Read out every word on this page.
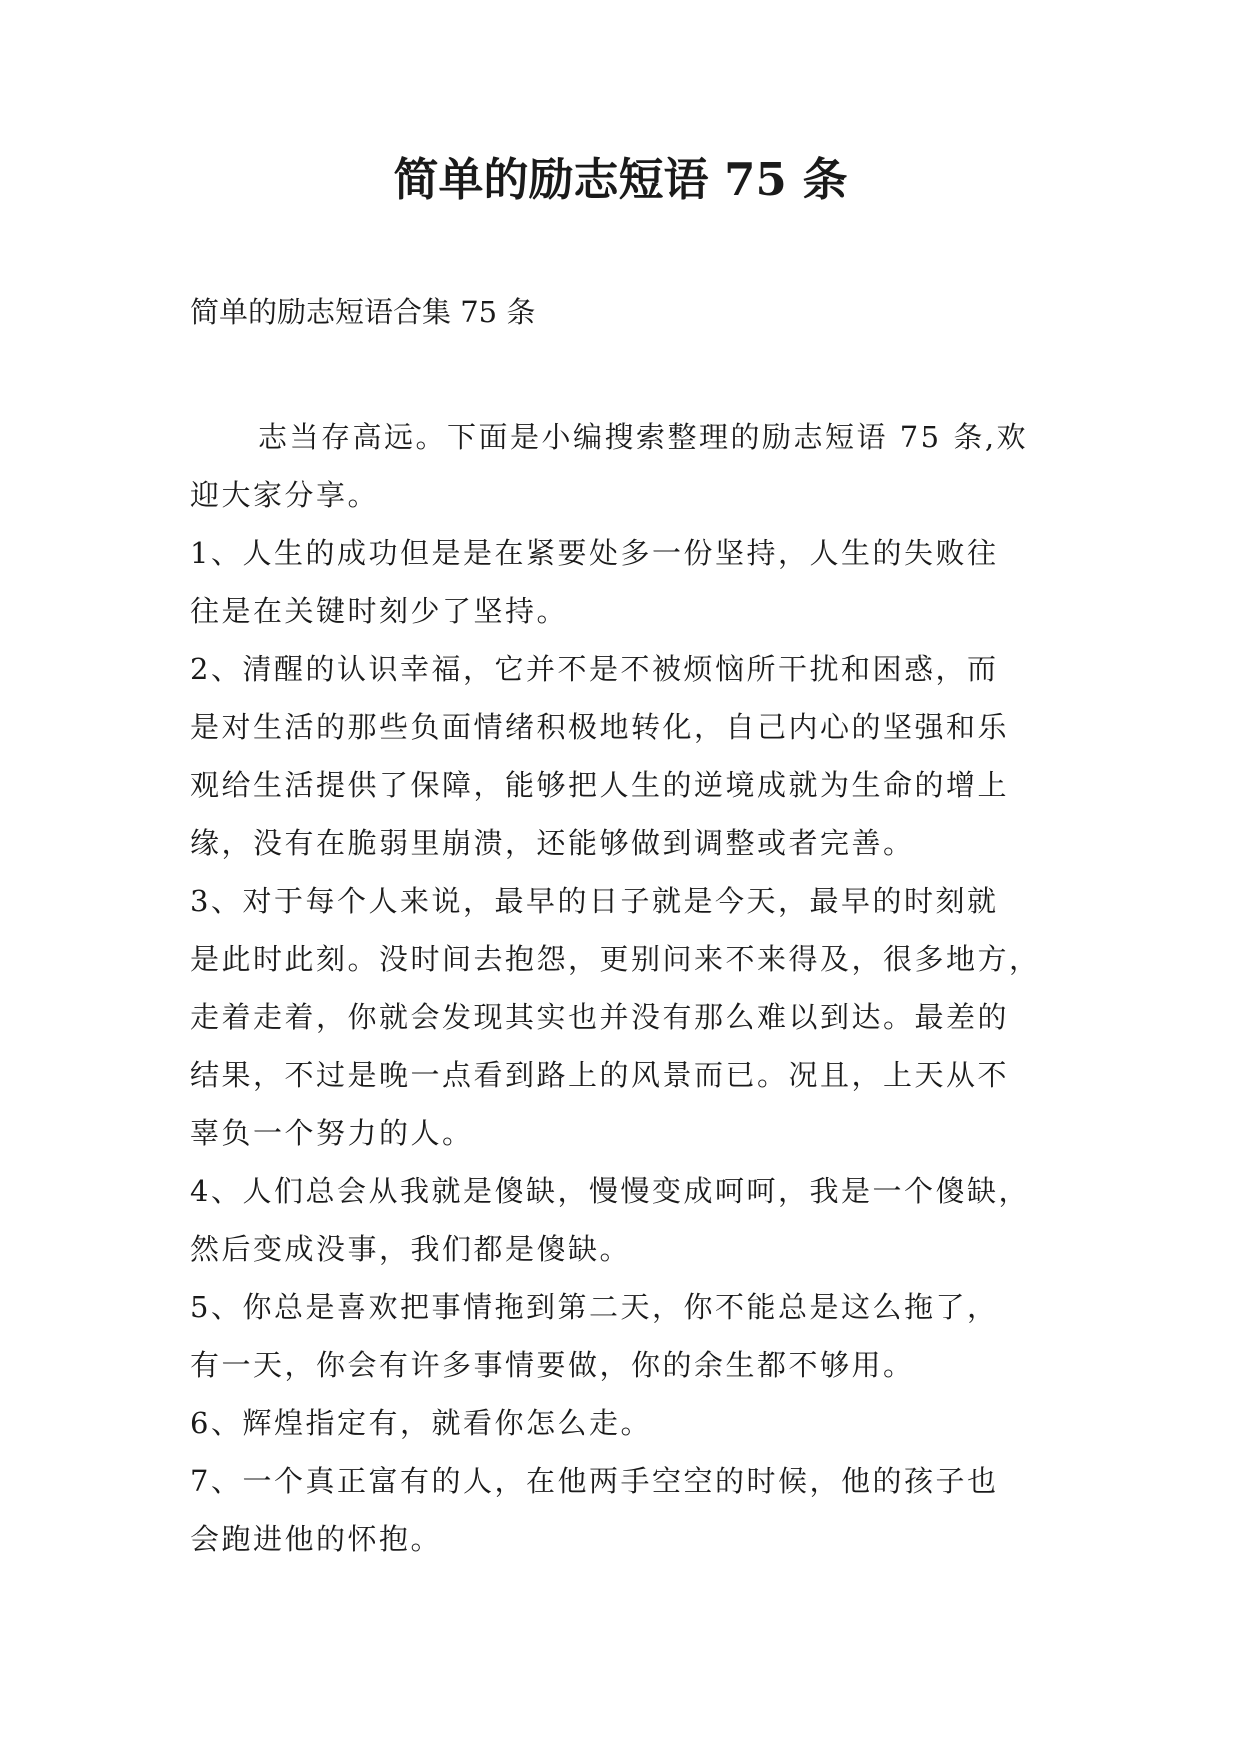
简单的励志短语 75 条
简单的励志短语合集 75 条
志当存高远。下面是小编搜索整理的励志短语 75 条,欢
迎大家分享。
1、人生的成功但是是在紧要处多一份坚持，人生的失败往
往是在关键时刻少了坚持。
2、清醒的认识幸福，它并不是不被烦恼所干扰和困惑，而
是对生活的那些负面情绪积极地转化，自己内心的坚强和乐
观给生活提供了保障，能够把人生的逆境成就为生命的增上
缘，没有在脆弱里崩溃，还能够做到调整或者完善。
3、对于每个人来说，最早的日子就是今天，最早的时刻就
是此时此刻。没时间去抱怨，更别问来不来得及，很多地方，
走着走着，你就会发现其实也并没有那么难以到达。最差的
结果，不过是晚一点看到路上的风景而已。况且，上天从不
辜负一个努力的人。
4、人们总会从我就是傻缺，慢慢变成呵呵，我是一个傻缺，
然后变成没事，我们都是傻缺。
5、你总是喜欢把事情拖到第二天，你不能总是这么拖了，
有一天，你会有许多事情要做，你的余生都不够用。
6、辉煌指定有，就看你怎么走。
7、一个真正富有的人，在他两手空空的时候，他的孩子也
会跑进他的怀抱。
